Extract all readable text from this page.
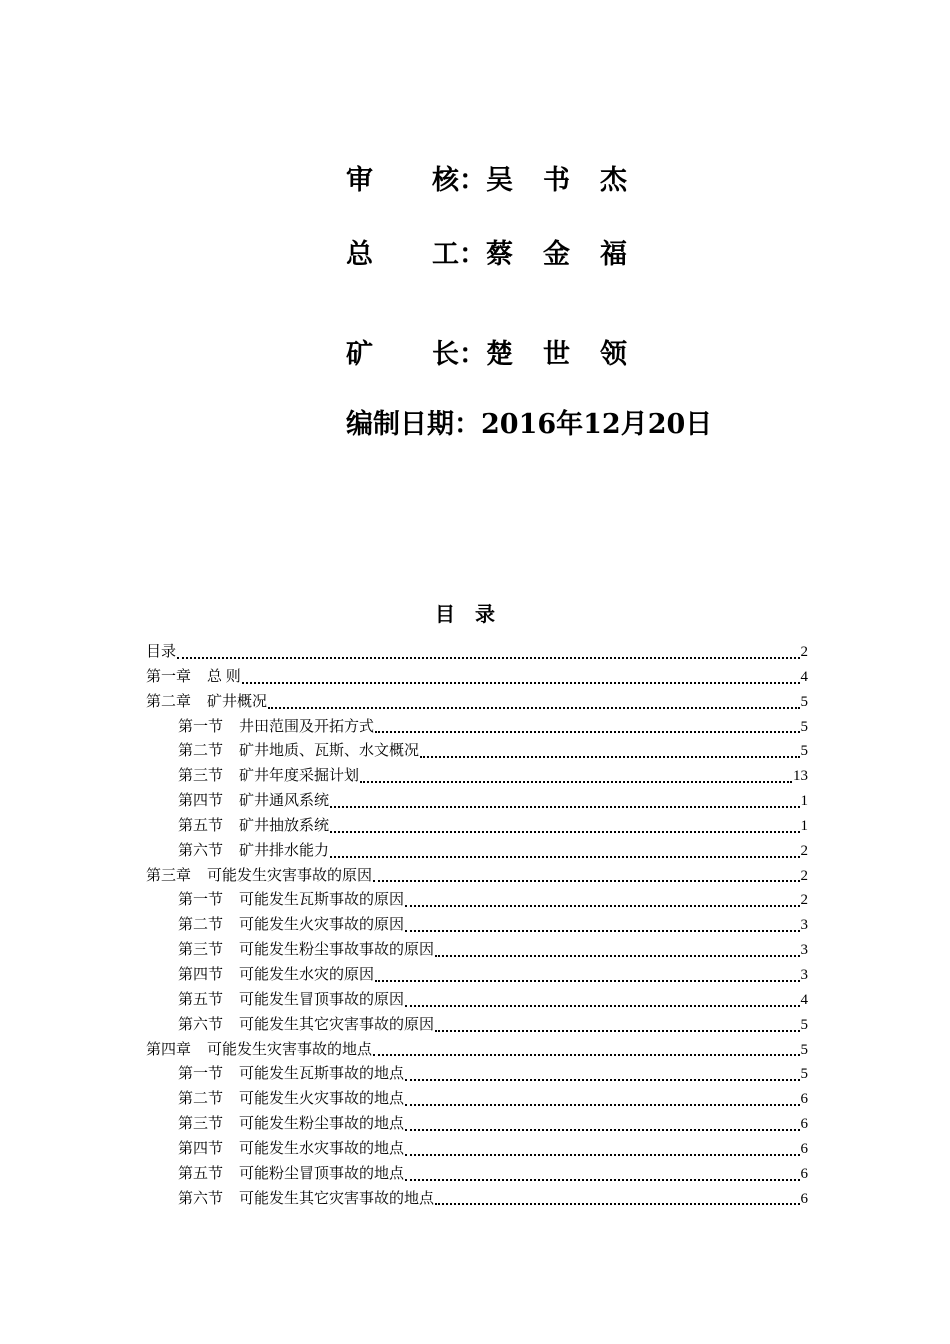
审	核： 吴书杰
总	工： 蔡金福
矿	长： 楚世领
编制日期：2016年12月20日
目录
目录	2
第一章 总 则	4
第二章 矿井概况	5
第一节 井田范围及开拓方式	5
第二节 矿井地质、瓦斯、水文概况	5
第三节 矿井年度采掘计划	13
第四节 矿井通风系统	1
第五节 矿井抽放系统	1
第六节 矿井排水能力	2
第三章 可能发生灾害事故的原因	2
第一节 可能发生瓦斯事故的原因	2
第二节 可能发生火灾事故的原因	3
第三节 可能发生粉尘事故事故的原因	3
第四节 可能发生水灾的原因	3
第五节 可能发生冒顶事故的原因	4
第六节 可能发生其它灾害事故的原因	5
第四章 可能发生灾害事故的地点	5
第一节 可能发生瓦斯事故的地点	5
第二节 可能发生火灾事故的地点	6
第三节 可能发生粉尘事故的地点	6
第四节 可能发生水灾事故的地点	6
第五节 可能粉尘冒顶事故的地点	6
第六节 可能发生其它灾害事故的地点	6
